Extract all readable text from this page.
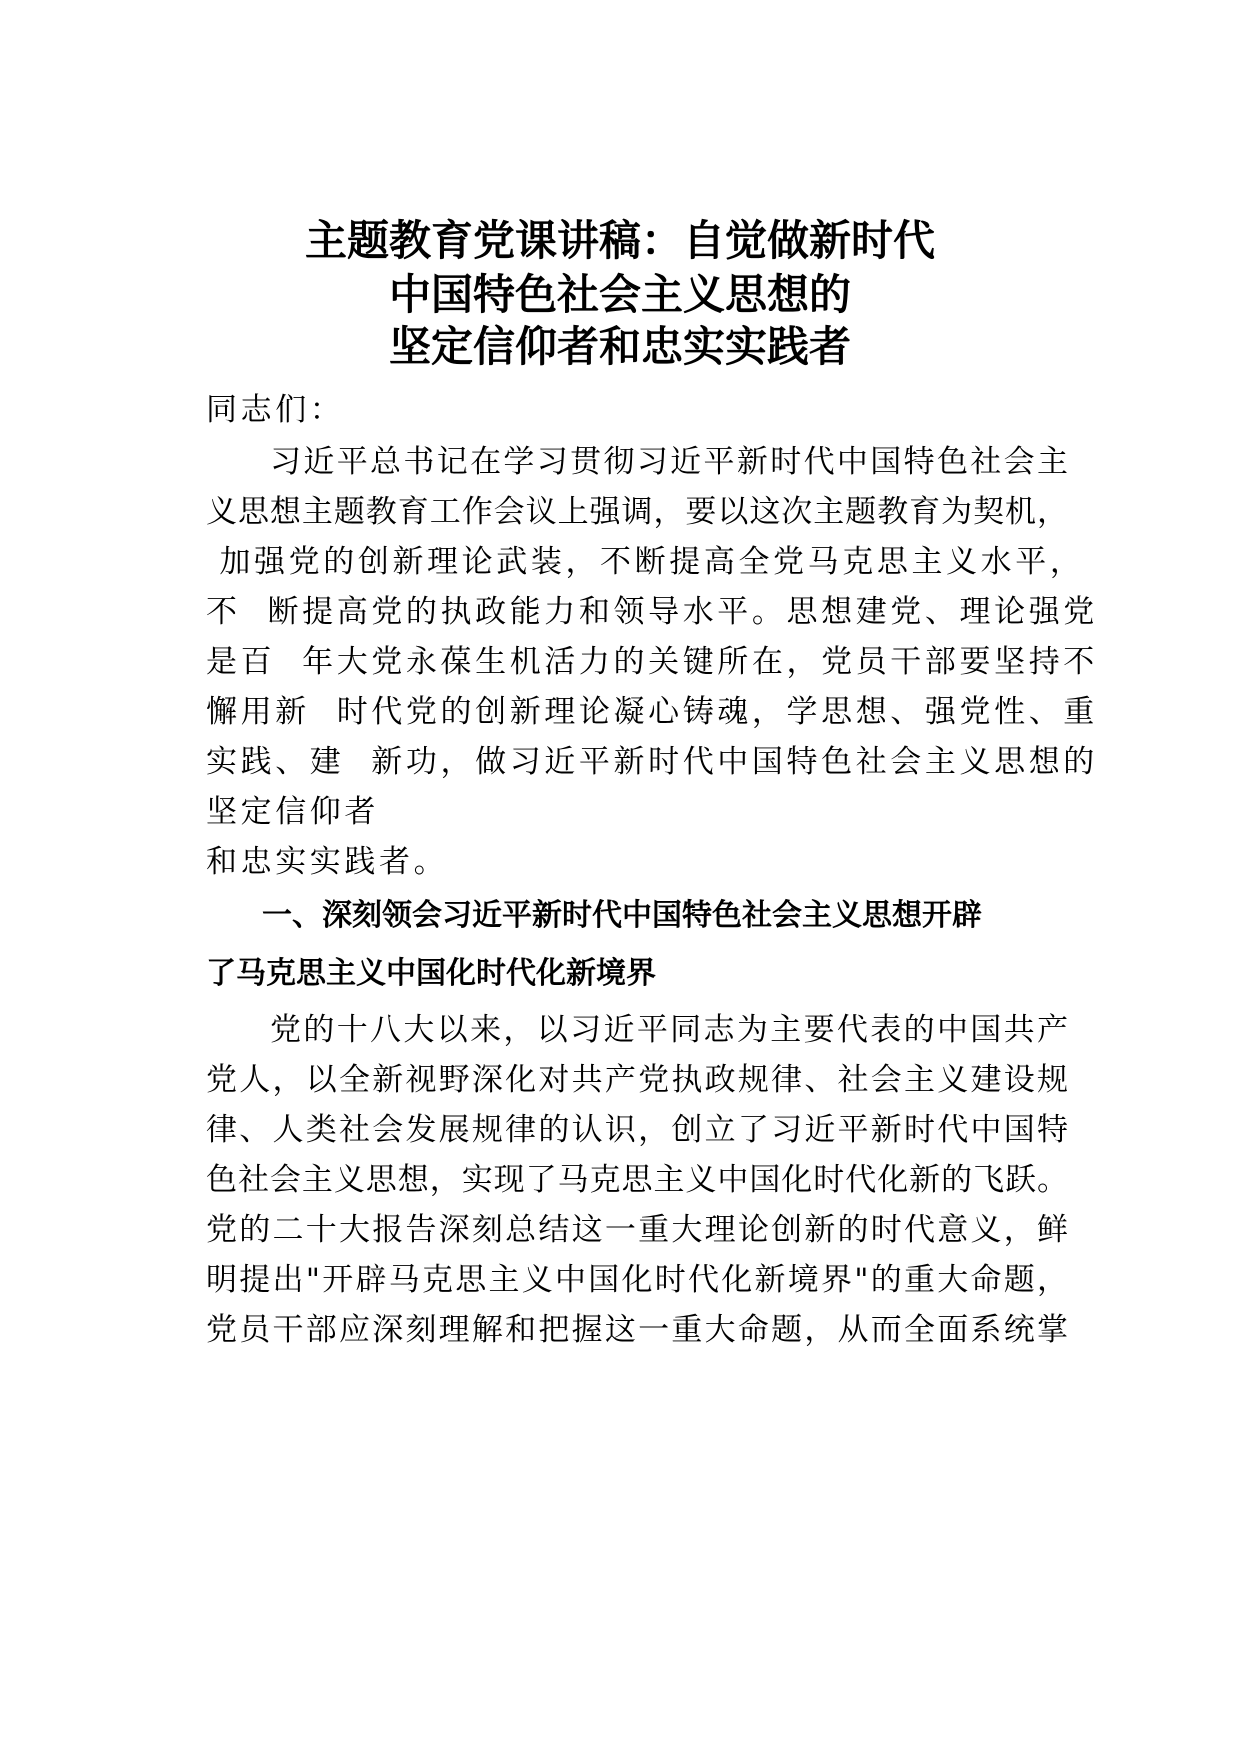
主题教育党课讲稿：自觉做新时代
中国特色社会主义思想的
坚定信仰者和忠实实践者
同志们：
习近平总书记在学习贯彻习近平新时代中国特色社会主
义思想主题教育工作会议上强调，要以这次主题教育为契机，
加强党的创新理论武装，不断提高全党马克思主义水平，
不  断提高党的执政能力和领导水平。思想建党、理论强党
是百  年大党永葆生机活力的关键所在，党员干部要坚持不
懈用新  时代党的创新理论凝心铸魂，学思想、强党性、重
实践、建  新功，做习近平新时代中国特色社会主义思想的
坚定信仰者
和忠实实践者。
一、深刻领会习近平新时代中国特色社会主义思想开辟
了马克思主义中国化时代化新境界
党的十八大以来，以习近平同志为主要代表的中国共产
党人，以全新视野深化对共产党执政规律、社会主义建设规
律、人类社会发展规律的认识，创立了习近平新时代中国特
色社会主义思想，实现了马克思主义中国化时代化新的飞跃。
党的二十大报告深刻总结这一重大理论创新的时代意义，鲜
明提出"开辟马克思主义中国化时代化新境界"的重大命题，
党员干部应深刻理解和把握这一重大命题，从而全面系统掌
